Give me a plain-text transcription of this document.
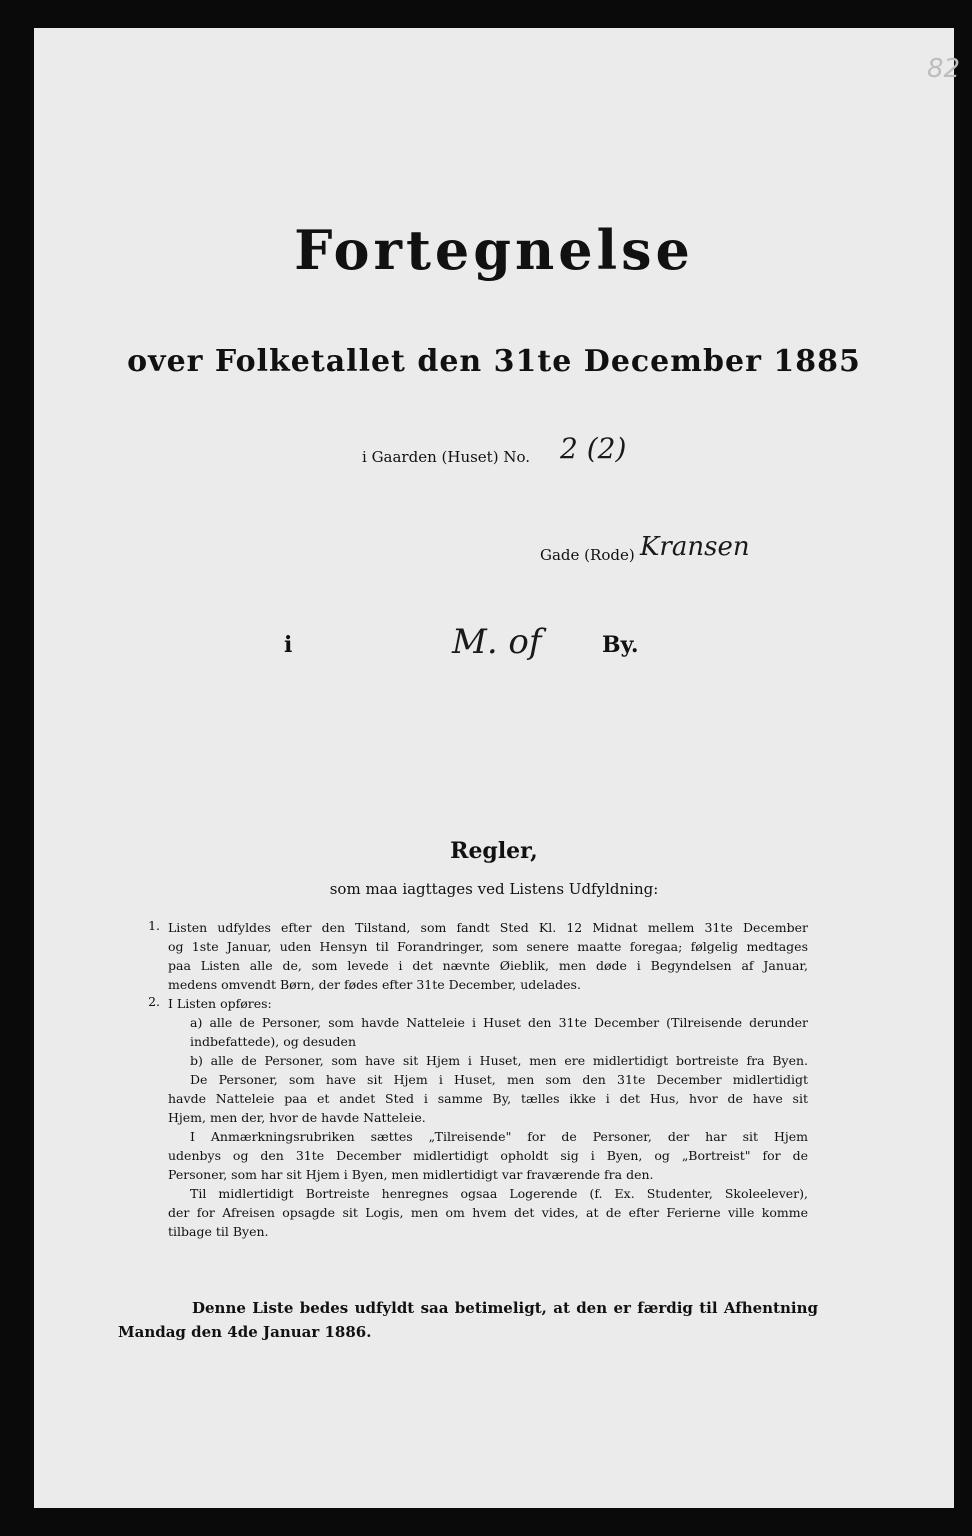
82
Fortegnelse
over Folketallet den 31te December 1885
i Gaarden (Huset) No. 2 (2)
Gade (Rode) Kransen
i	M. of	By.
Regler,
som maa iagttages ved Listens Udfyldning:
1. Listen udfyldes efter den Tilstand, som fandt Sted Kl. 12 Midnat mellem 31te December
og 1ste Januar, uden Hensyn til Forandringer, som senere maatte foregaa; følgelig medtages
paa Listen alle de, som levede i det nævnte Øieblik, men døde i Begyndelsen af Januar,
medens omvendt Børn, der fødes efter 31te December, udelades.
2. I Listen opføres:
a) alle de Personer, som havde Natteleie i Huset den 31te December (Tilreisende derunder
indbefattede), og desuden
b) alle de Personer, som have sit Hjem i Huset, men ere midlertidigt bortreiste fra Byen.
De Personer, som have sit Hjem i Huset, men som den 31te December midlertidigt
havde Natteleie paa et andet Sted i samme By, tælles ikke i det Hus, hvor de have sit
Hjem, men der, hvor de havde Natteleie.
I Anmærkningsrubriken sættes „Tilreisende" for de Personer, der har sit Hjem
udenbys og den 31te December midlertidigt opholdt sig i Byen, og „Bortreist" for de
Personer, som har sit Hjem i Byen, men midlertidigt var fraværende fra den.
Til midlertidigt Bortreiste henregnes ogsaa Logerende (f. Ex. Studenter, Skoleelever),
der for Afreisen opsagde sit Logis, men om hvem det vides, at de efter Ferierne ville komme
tilbage til Byen.
Denne Liste bedes udfyldt saa betimeligt, at den er færdig til Afhentning
Mandag den 4de Januar 1886.
